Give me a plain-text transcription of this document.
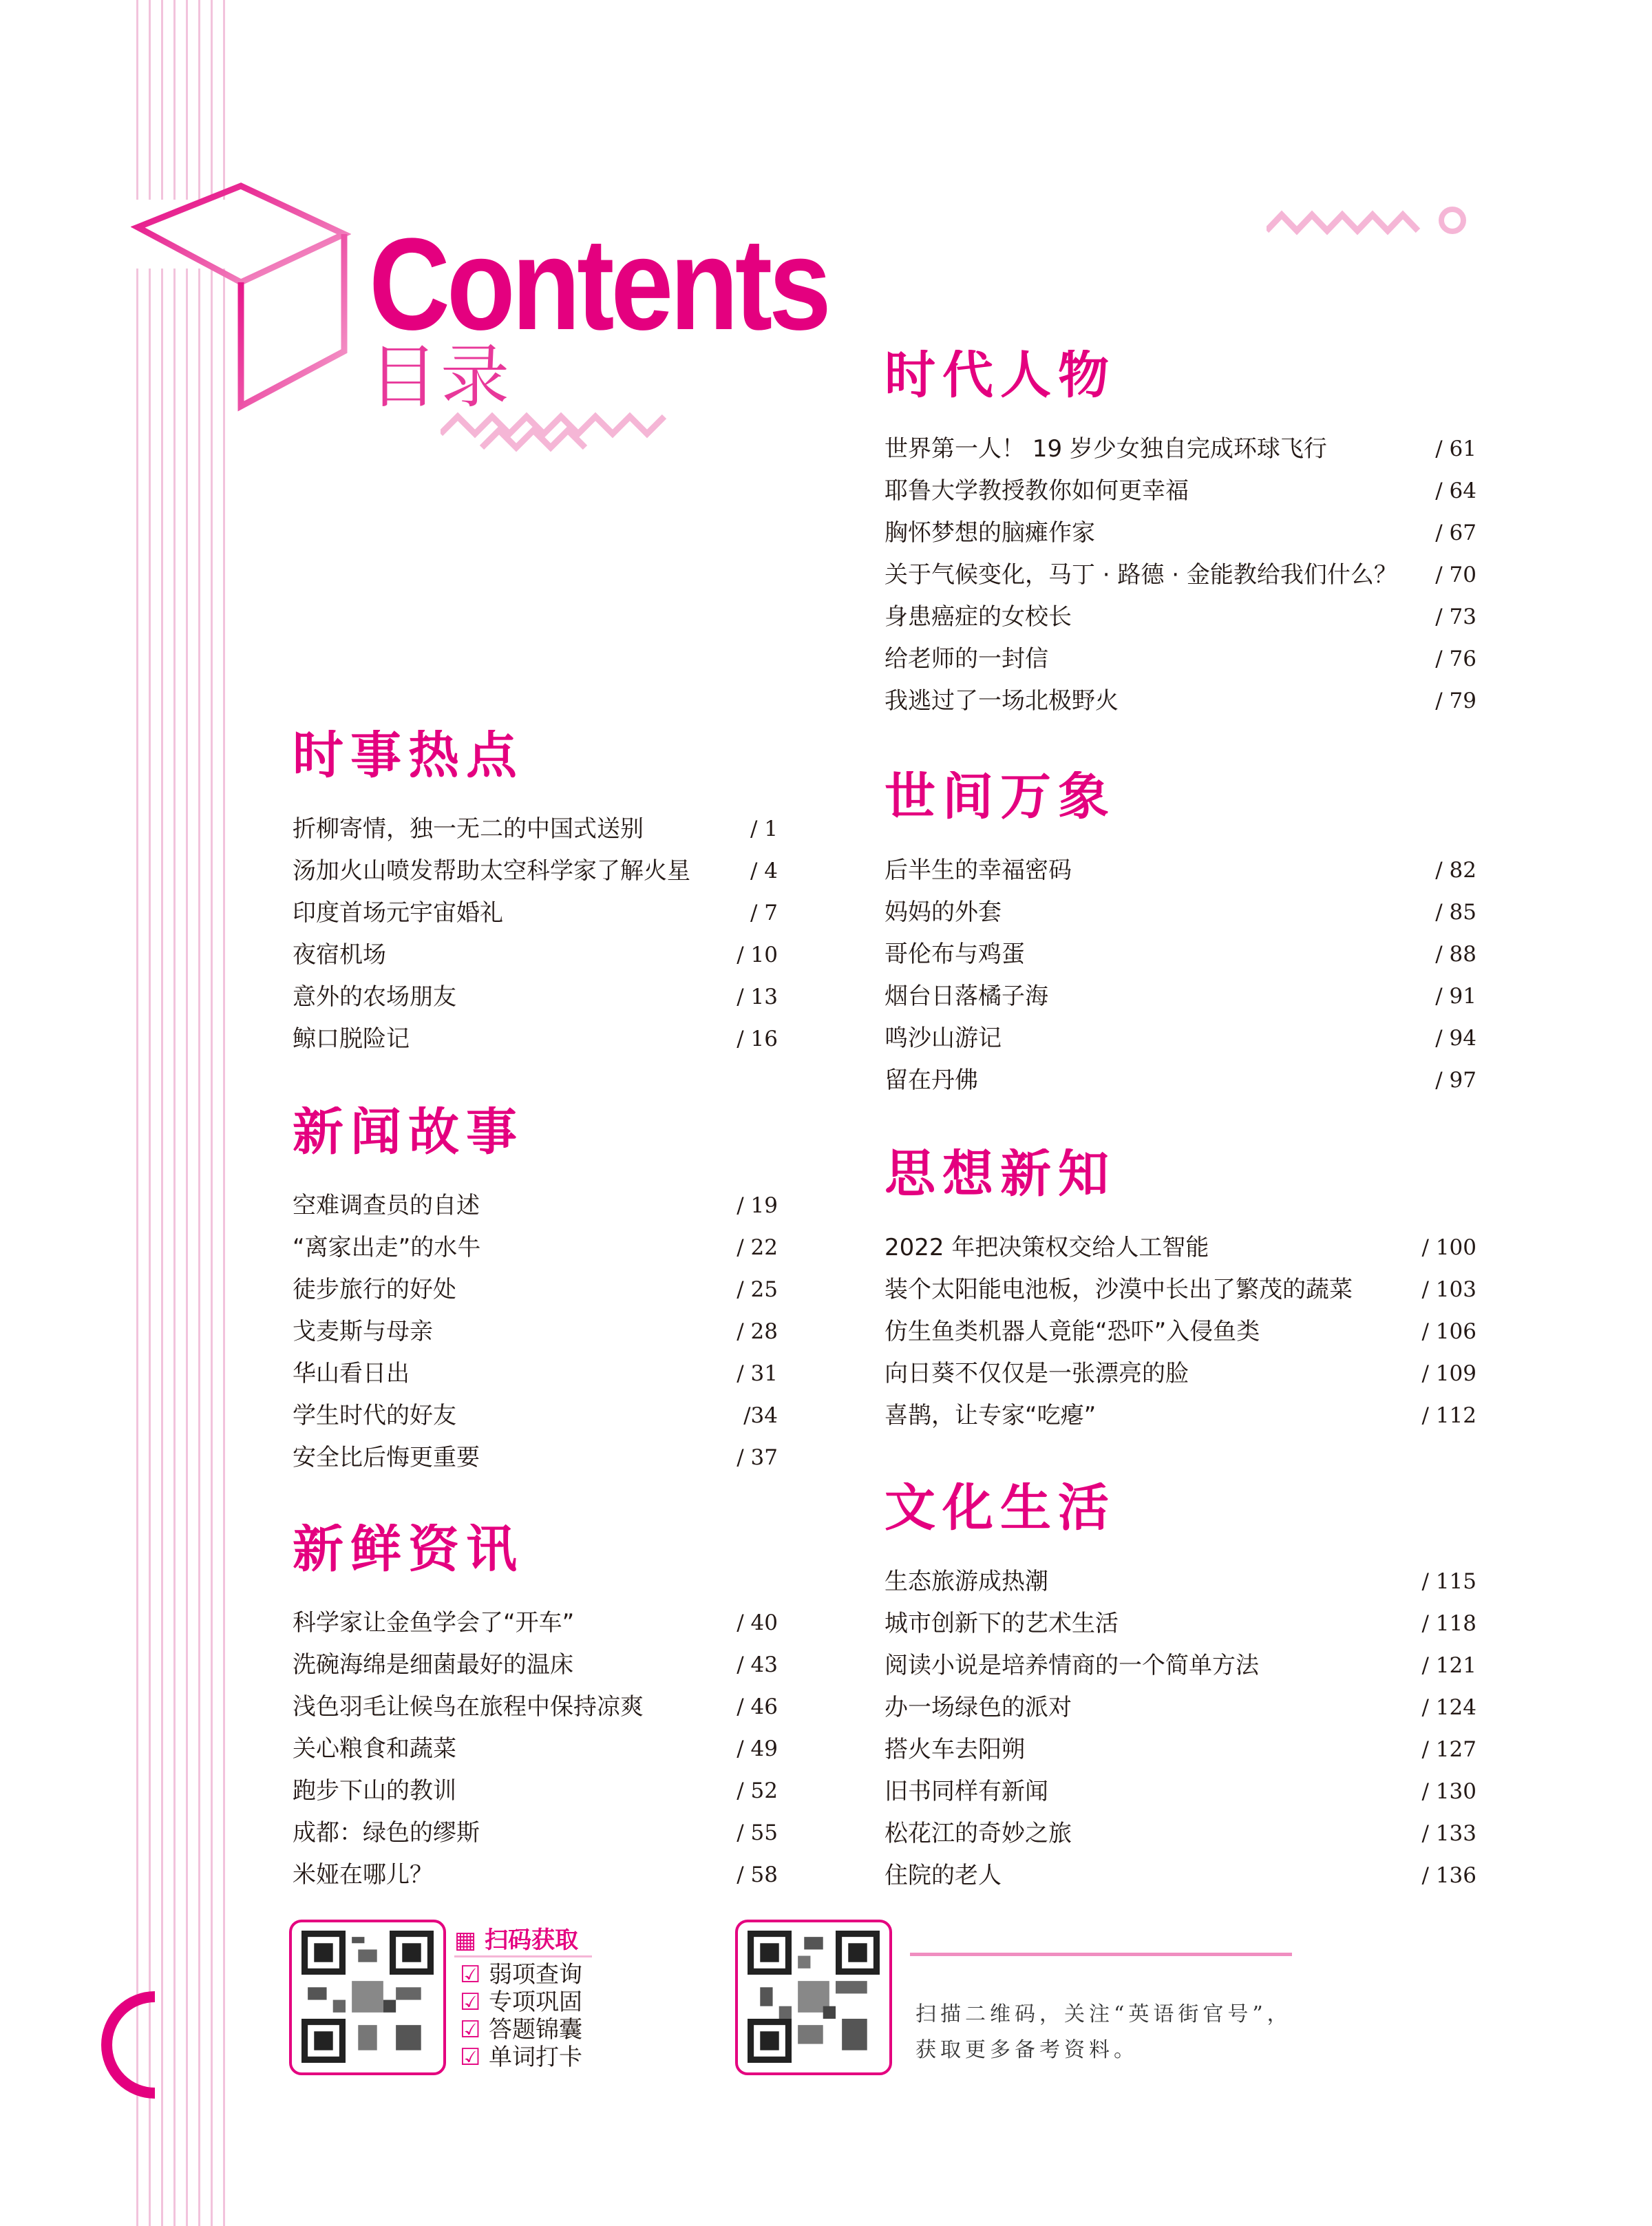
Contents
目录
时事热点
折柳寄情，独一无二的中国式送别	/ 1
汤加火山喷发帮助太空科学家了解火星	/ 4
印度首场元宇宙婚礼	/ 7
夜宿机场	/ 10
意外的农场朋友	/ 13
鲸口脱险记	/ 16
新闻故事
空难调查员的自述	/ 19
“离家出走”的水牛	/ 22
徒步旅行的好处	/ 25
戈麦斯与母亲	/ 28
华山看日出	/ 31
学生时代的好友	/34
安全比后悔更重要	/ 37
新鲜资讯
科学家让金鱼学会了“开车”	/ 40
洗碗海绵是细菌最好的温床	/ 43
浅色羽毛让候鸟在旅程中保持凉爽	/ 46
关心粮食和蔬菜	/ 49
跑步下山的教训	/ 52
成都：绿色的缪斯	/ 55
米娅在哪儿？	/ 58
时代人物
世界第一人！ 19 岁少女独自完成环球飞行	/ 61
耶鲁大学教授教你如何更幸福	/ 64
胸怀梦想的脑瘫作家	/ 67
关于气候变化，马丁 · 路德 · 金能教给我们什么？ / 70
身患癌症的女校长	/ 73
给老师的一封信	/ 76
我逃过了一场北极野火	/ 79
世间万象
后半生的幸福密码	/ 82
妈妈的外套	/ 85
哥伦布与鸡蛋	/ 88
烟台日落橘子海	/ 91
鸣沙山游记	/ 94
留在丹佛	/ 97
思想新知
2022 年把决策权交给人工智能	/ 100
装个太阳能电池板，沙漠中长出了繁茂的蔬菜	/ 103
仿生鱼类机器人竟能“恐吓”入侵鱼类	/ 106
向日葵不仅仅是一张漂亮的脸	/ 109
喜鹊，让专家“吃瘪”	/ 112
文化生活
生态旅游成热潮	/ 115
城市创新下的艺术生活	/ 118
阅读小说是培养情商的一个简单方法	/ 121
办一场绿色的派对	/ 124
搭火车去阳朔	/ 127
旧书同样有新闻	/ 130
松花江的奇妙之旅	/ 133
住院的老人	/ 136
▦ 扫码获取
☑ 弱项查询
☑ 专项巩固
☑ 答题锦囊
☑ 单词打卡
扫描二维码，关注“英语街官号”，
获取更多备考资料。
